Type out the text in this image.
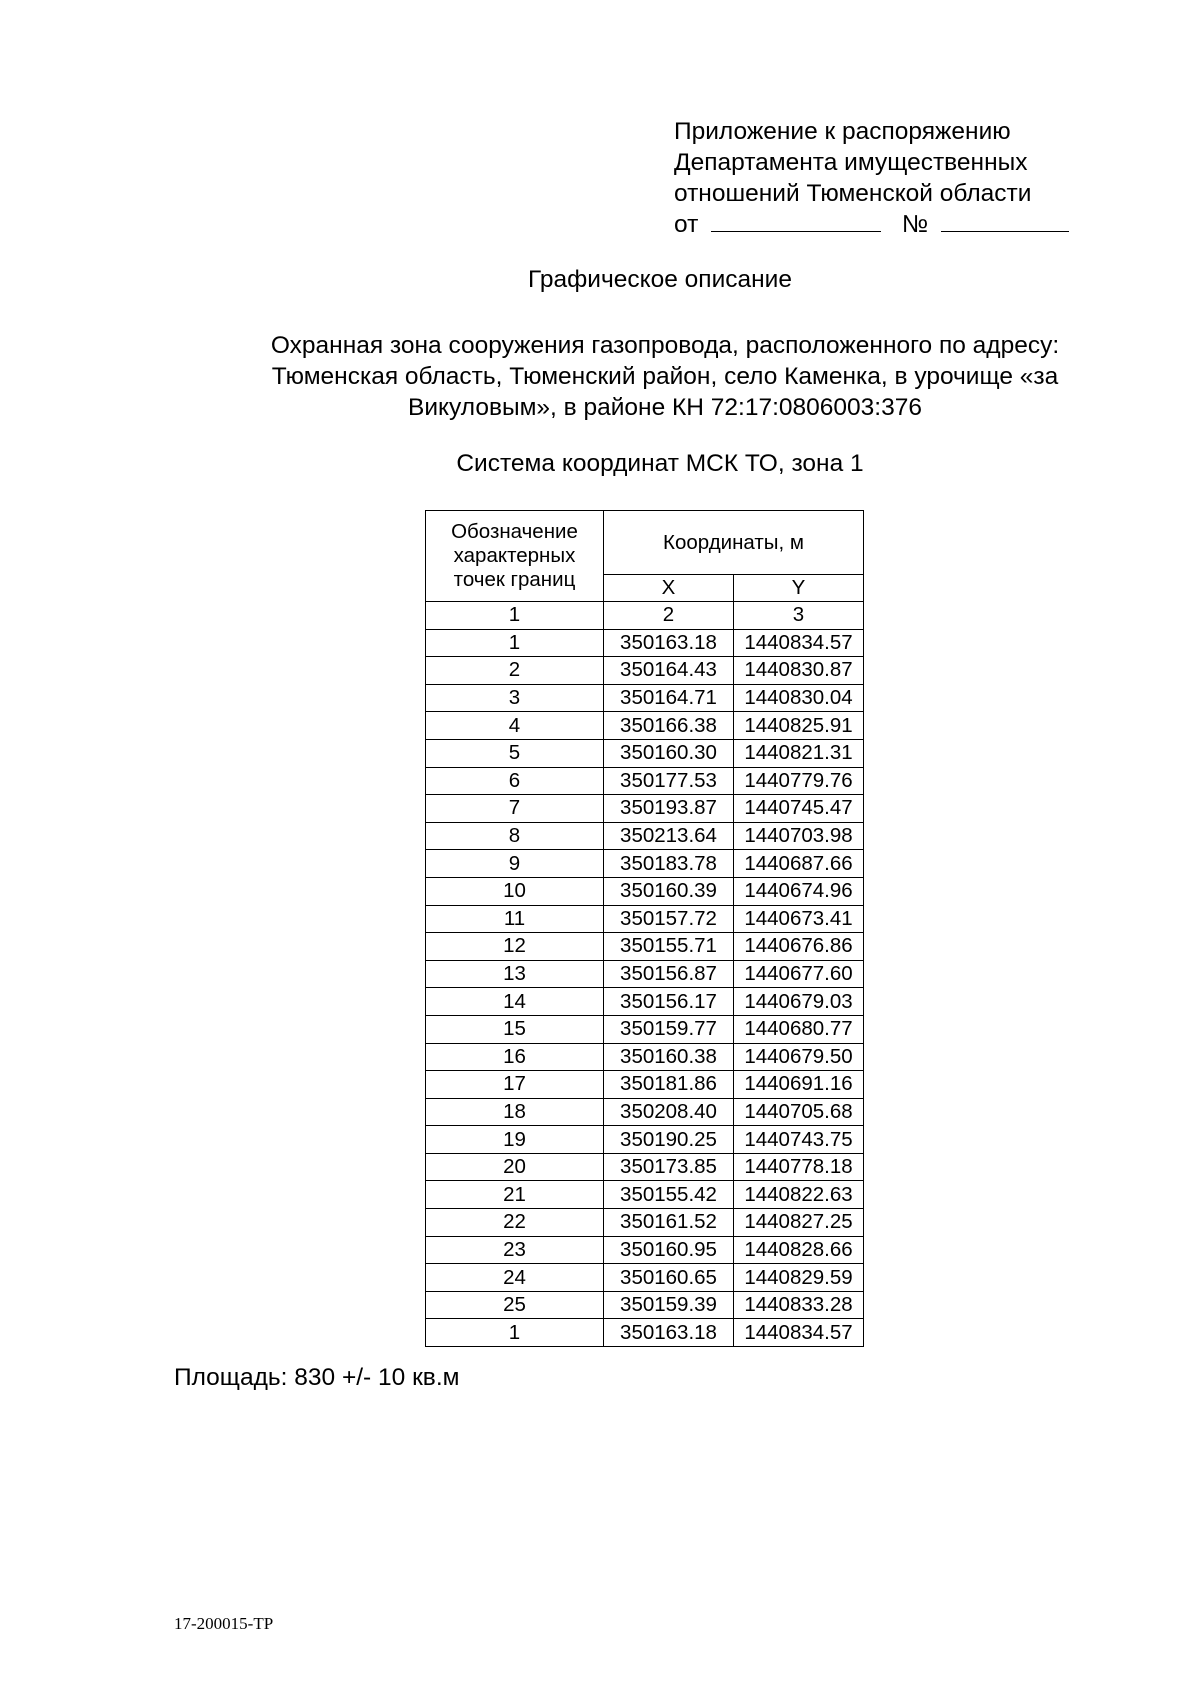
Приложение к распоряжению
Департамента имущественных
отношений Тюменской области
от	№
Графическое описание
Охранная зона сооружения газопровода, расположенного по адресу:
Тюменская область, Тюменский район, село Каменка, в урочище «за
Викуловым», в районе КН 72:17:0806003:376
Система координат МСК ТО, зона 1
Обозначение характерных точек границ	Координаты, м	
	X	Y
1	2	3
1	350163.18	1440834.57
2	350164.43	1440830.87
3	350164.71	1440830.04
4	350166.38	1440825.91
5	350160.30	1440821.31
6	350177.53	1440779.76
7	350193.87	1440745.47
8	350213.64	1440703.98
9	350183.78	1440687.66
10	350160.39	1440674.96
11	350157.72	1440673.41
12	350155.71	1440676.86
13	350156.87	1440677.60
14	350156.17	1440679.03
15	350159.77	1440680.77
16	350160.38	1440679.50
17	350181.86	1440691.16
18	350208.40	1440705.68
19	350190.25	1440743.75
20	350173.85	1440778.18
21	350155.42	1440822.63
22	350161.52	1440827.25
23	350160.95	1440828.66
24	350160.65	1440829.59
25	350159.39	1440833.28
1	350163.18	1440834.57
Площадь: 830 +/- 10 кв.м
17-200015-ТР
